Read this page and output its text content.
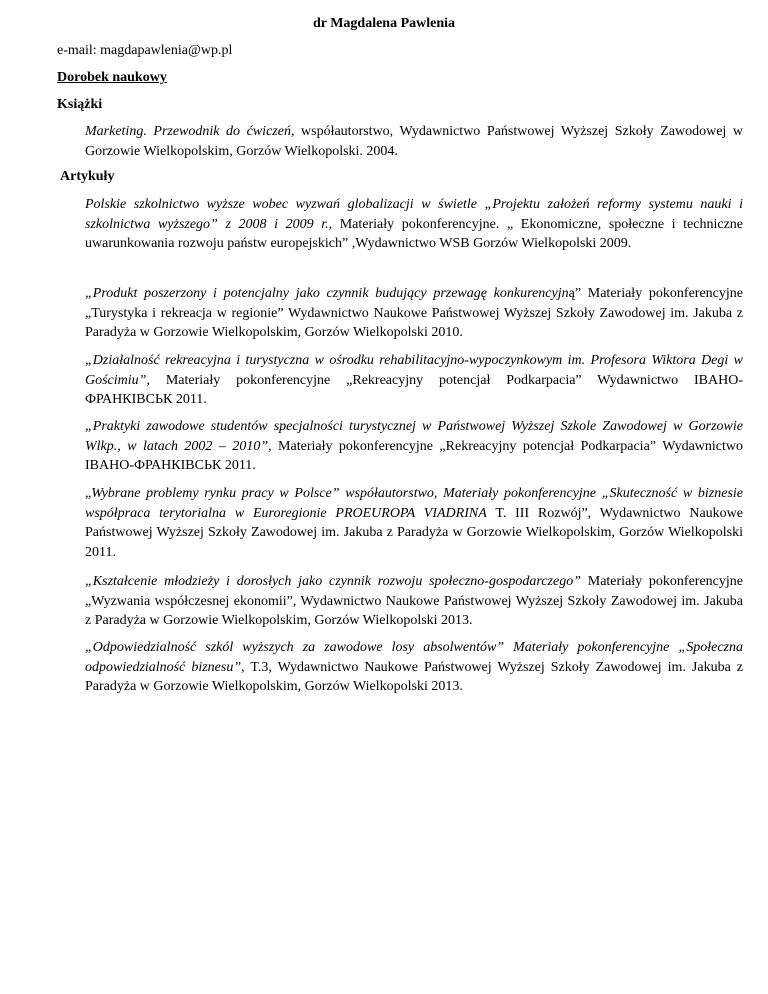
dr Magdalena Pawlenia
e-mail: magdapawlenia@wp.pl
Dorobek naukowy
Książki

Marketing. Przewodnik do ćwiczeń, współautorstwo, Wydawnictwo Państwowej Wyższej Szkoły Zawodowej w Gorzowie Wielkopolskim, Gorzów Wielkopolski. 2004.

Artykuły

Polskie szkolnictwo wyższe wobec wyzwań globalizacji w świetle „Projektu założeń reformy systemu nauki i szkolnictwa wyższego” z 2008 i 2009 r., Materiały pokonferencyjne. „ Ekonomiczne, społeczne i techniczne uwarunkowania rozwoju państw europejskich” ,Wydawnictwo WSB Gorzów Wielkopolski 2009.

„Produkt poszerzony i potencjalny jako czynnik budujący przewagę konkurencyjną” Materiały pokonferencyjne „Turystyka i rekreacja w regionie” Wydawnictwo Naukowe Państwowej Wyższej Szkoły Zawodowej im. Jakuba z Paradyża w Gorzowie Wielkopolskim, Gorzów Wielkopolski 2010.

„Działalność rekreacyjna i turystyczna w ośrodku rehabilitacyjno-wypoczynkowym im. Profesora Wiktora Degi w Gościmiu”, Materiały pokonferencyjne „Rekreacyjny potencjał Podkarpacia” Wydawnictwo IBAHO-ФРАНКІВСЬК 2011.

„Praktyki zawodowe studentów specjalności turystycznej w Państwowej Wyższej Szkole Zawodowej w Gorzowie Wlkp., w latach 2002 – 2010”, Materiały pokonferencyjne „Rekreacyjny potencjał Podkarpacia” Wydawnictwo IBAHO-ФРАНКІВСЬК 2011.

„Wybrane problemy rynku pracy w Polsce” współautorstwo, Materiały pokonferencyjne „Skuteczność w biznesie współpraca terytorialna w Euroregionie PROEUROPA VIADRINA T. III Rozwój”, Wydawnictwo Naukowe Państwowej Wyższej Szkoły Zawodowej im. Jakuba z Paradyża w Gorzowie Wielkopolskim, Gorzów Wielkopolski 2011.

„Kształcenie młodzieży i dorosłych jako czynnik rozwoju społeczno-gospodarczego” Materiały pokonferencyjne „Wyzwania współczesnej ekonomii”, Wydawnictwo Naukowe Państwowej Wyższej Szkoły Zawodowej im. Jakuba z Paradyża w Gorzowie Wielkopolskim, Gorzów Wielkopolski 2013.

„Odpowiedzialność szkól wyższych za zawodowe losy absolwentów” Materiały pokonferencyjne „Społeczna odpowiedzialność biznesu”, T.3, Wydawnictwo Naukowe Państwowej Wyższej Szkoły Zawodowej im. Jakuba z Paradyża w Gorzowie Wielkopolskim, Gorzów Wielkopolski 2013.
